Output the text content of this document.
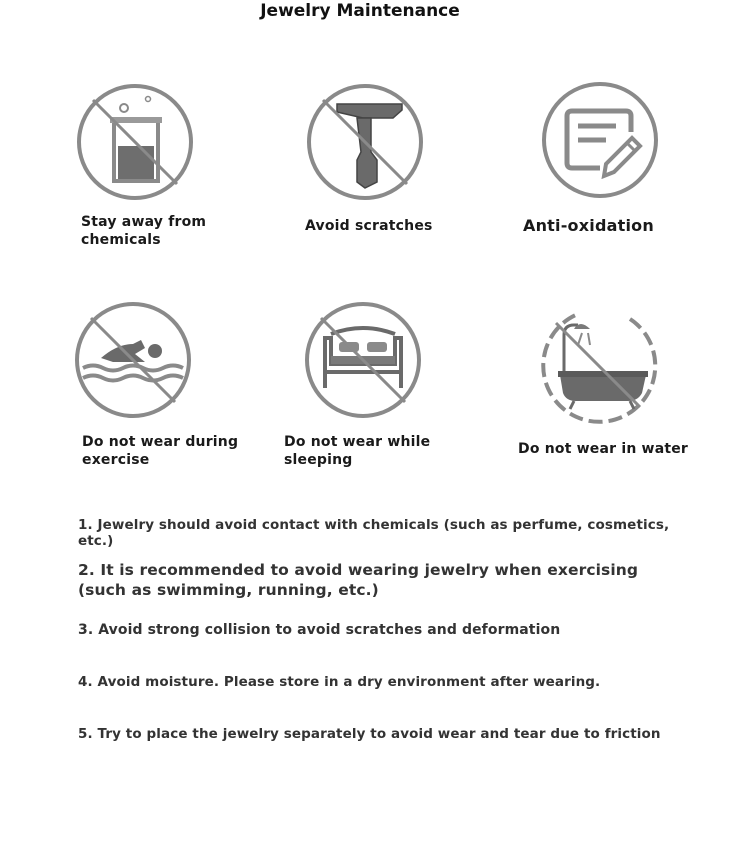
Jewelry Maintenance
Stay away from
chemicals
Avoid scratches	Anti-oxidation
Do not wear during
exercise
Do not wear while
sleeping
Do not wear in water
1. Jewelry should avoid contact with chemicals (such as perfume, cosmetics, etc.)
2. It is recommended to avoid wearing jewelry when exercising (such as swimming, running, etc.)
3. Avoid strong collision to avoid scratches and deformation
4. Avoid moisture. Please store in a dry environment after wearing.
5. Try to place the jewelry separately to avoid wear and tear due to friction
